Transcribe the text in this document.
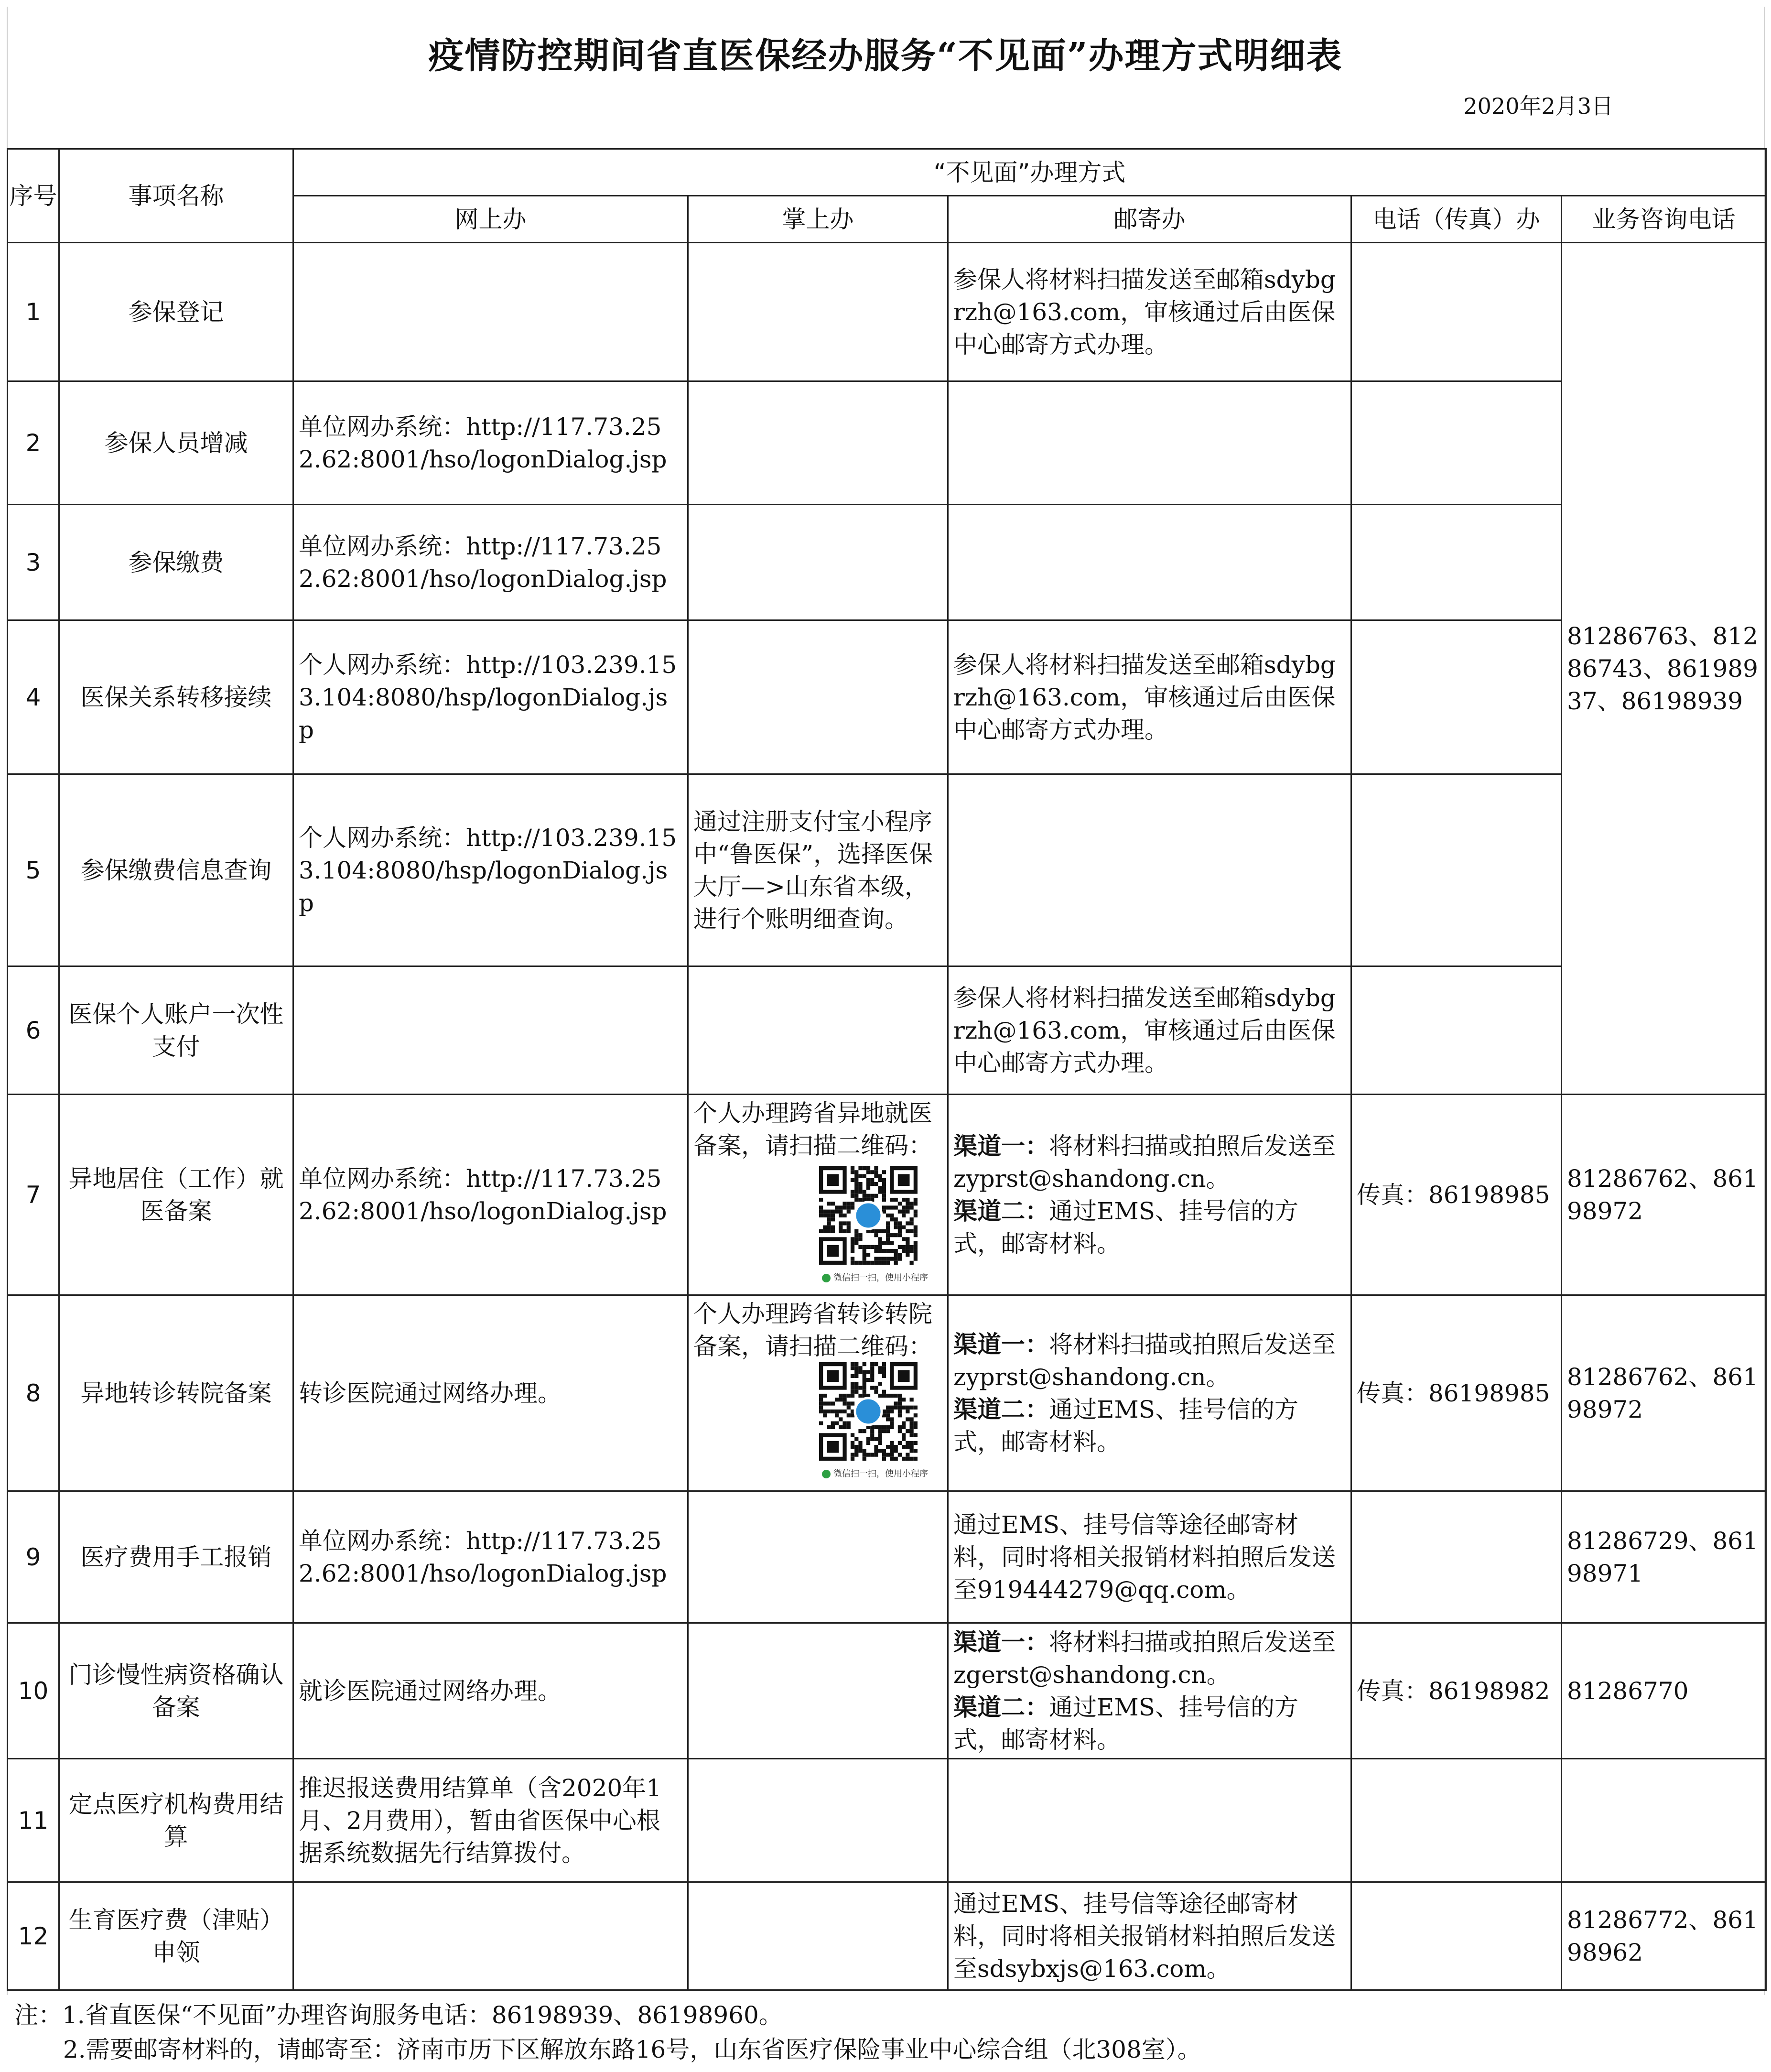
疫情防控期间省直医保经办服务“不见面”办理方式明细表
2020年2月3日
序号	事项名称	“不见面”办理方式				
		网上办	掌上办	邮寄办	电话（传真）办	业务咨询电话
1	参保登记			参保人将材料扫描发送至邮箱sdybgrzh@163.com，审核通过后由医保中心邮寄方式办理。		81286763、81286743、86198937、86198939
2	参保人员增减	单位网办系统：http://117.73.252.62:8001/hso/logonDialog.jsp				
3	参保缴费	单位网办系统：http://117.73.252.62:8001/hso/logonDialog.jsp				
4	医保关系转移接续	个人网办系统：http://103.239.153.104:8080/hsp/logonDialog.jsp		参保人将材料扫描发送至邮箱sdybgrzh@163.com，审核通过后由医保中心邮寄方式办理。		
5	参保缴费信息查询	个人网办系统：http://103.239.153.104:8080/hsp/logonDialog.jsp	通过注册支付宝小程序中“鲁医保”，选择医保大厅—>山东省本级，进行个账明细查询。			
6	医保个人账户一次性支付			参保人将材料扫描发送至邮箱sdybgrzh@163.com，审核通过后由医保中心邮寄方式办理。		
7	异地居住（工作）就医备案	单位网办系统：http://117.73.252.62:8001/hso/logonDialog.jsp	个人办理跨省异地就医备案，请扫描二维码：
微信扫一扫，使用小程序	渠道一：将材料扫描或拍照后发送至zyprst@shandong.cn。
渠道二：通过EMS、挂号信的方式，邮寄材料。	传真：86198985	81286762、86198972
8	异地转诊转院备案	转诊医院通过网络办理。	个人办理跨省转诊转院备案，请扫描二维码：
微信扫一扫，使用小程序	渠道一：将材料扫描或拍照后发送至zyprst@shandong.cn。
渠道二：通过EMS、挂号信的方式，邮寄材料。	传真：86198985	81286762、86198972
9	医疗费用手工报销	单位网办系统：http://117.73.252.62:8001/hso/logonDialog.jsp		通过EMS、挂号信等途径邮寄材料，同时将相关报销材料拍照后发送至919444279@qq.com。		81286729、86198971
10	门诊慢性病资格确认备案	就诊医院通过网络办理。		渠道一：将材料扫描或拍照后发送至zgerst@shandong.cn。
渠道二：通过EMS、挂号信的方式，邮寄材料。	传真：86198982	81286770
11	定点医疗机构费用结算	推迟报送费用结算单（含2020年1月、2月费用），暂由省医保中心根据系统数据先行结算拨付。				
12	生育医疗费（津贴）申领			通过EMS、挂号信等途径邮寄材料，同时将相关报销材料拍照后发送至sdsybxjs@163.com。		81286772、86198962
注：1.省直医保“不见面”办理咨询服务电话：86198939、86198960。
2.需要邮寄材料的，请邮寄至：济南市历下区解放东路16号，山东省医疗保险事业中心综合组（北308室）。
